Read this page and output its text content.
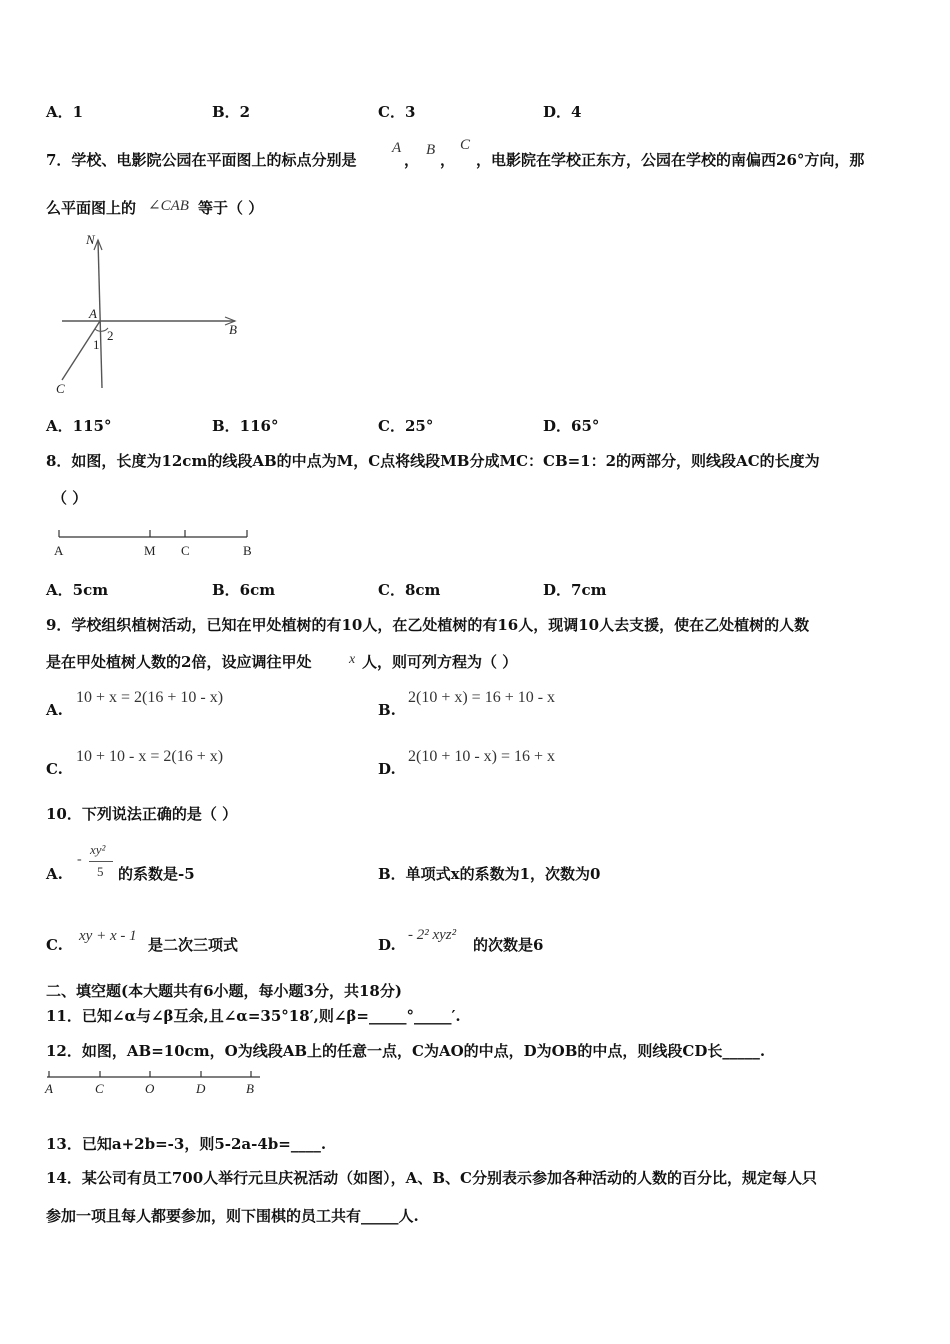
A．1	B．2	C．3	D．4
7．学校、电影院公园在平面图上的标点分别是
A
，
B
，
C
，电影院在学校正东方，公园在学校的南偏西26°方向，那
么平面图上的 ∠CAB 等于（ ）
N
A
B
C
1
2
A．115°	B．116°	C．25°	D．65°
8．如图，长度为12cm的线段AB的中点为M，C点将线段MB分成MC：CB=1：2的两部分，则线段AC的长度为
（ ）
A	M C	B
A．5cm	B．6cm	C．8cm	D．7cm
9．学校组织植树活动，已知在甲处植树的有10人，在乙处植树的有16人，现调10人去支援，使在乙处植树的人数
是在甲处植树人数的2倍，设应调往甲处	x 人，则可列方程为（ ）
A.
10 + x = 2(16 + 10 - x)
B.
2(10 + x) = 16 + 10 - x
C.
10 + 10 - x = 2(16 + x)
D.
2(10 + 10 - x) = 16 + x
10．下列说法正确的是（ ）
A.
-
xy²
5 的系数是-5	B．单项式x的系数为1，次数为0
C. xy + x - 1 是二次三项式	D.
- 2² xyz²
的次数是6
二、填空题(本大题共有6小题，每小题3分，共18分)
11．已知∠α与∠β互余,且∠α=35°18′,则∠β=_____°_____′.
12．如图，AB=10cm，O为线段AB上的任意一点，C为AO的中点，D为OB的中点，则线段CD长_____.
A	C	O	D	B
13．已知a+2b=-3，则5-2a-4b=____.
14．某公司有员工700人举行元旦庆祝活动（如图），A、B、C分别表示参加各种活动的人数的百分比，规定每人只
参加一项且每人都要参加，则下围棋的员工共有_____人.
